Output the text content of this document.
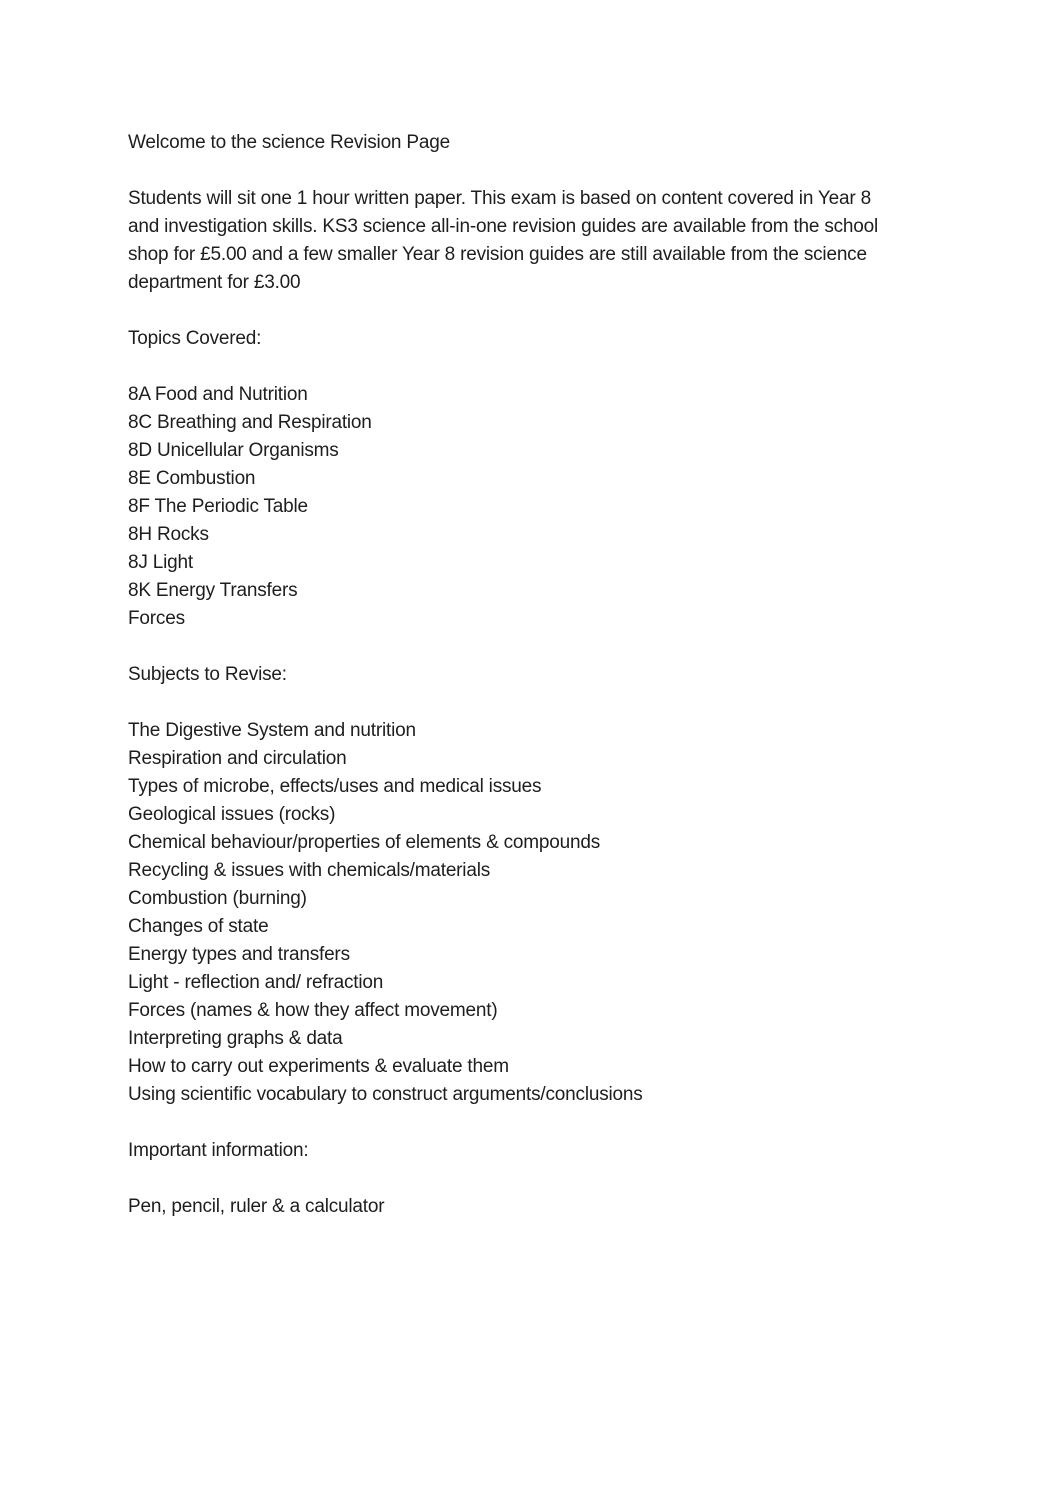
Welcome to the science Revision Page
Students will sit one 1 hour written paper. This exam is based on content covered in Year 8
and investigation skills. KS3 science all-in-one revision guides are available from the school
shop for £5.00 and a few smaller Year 8 revision guides are still available from the science
department for £3.00
Topics Covered:
8A Food and Nutrition
8C Breathing and Respiration
8D Unicellular Organisms
8E Combustion
8F The Periodic Table
8H Rocks
8J Light
8K Energy Transfers
Forces
Subjects to Revise:
The Digestive System and nutrition
Respiration and circulation
Types of microbe, effects/uses and medical issues
Geological issues (rocks)
Chemical behaviour/properties of elements & compounds
Recycling & issues with chemicals/materials
Combustion (burning)
Changes of state
Energy types and transfers
Light - reflection and/ refraction
Forces (names & how they affect movement)
Interpreting graphs & data
How to carry out experiments & evaluate them
Using scientific vocabulary to construct arguments/conclusions
Important information:
Pen, pencil, ruler & a calculator
